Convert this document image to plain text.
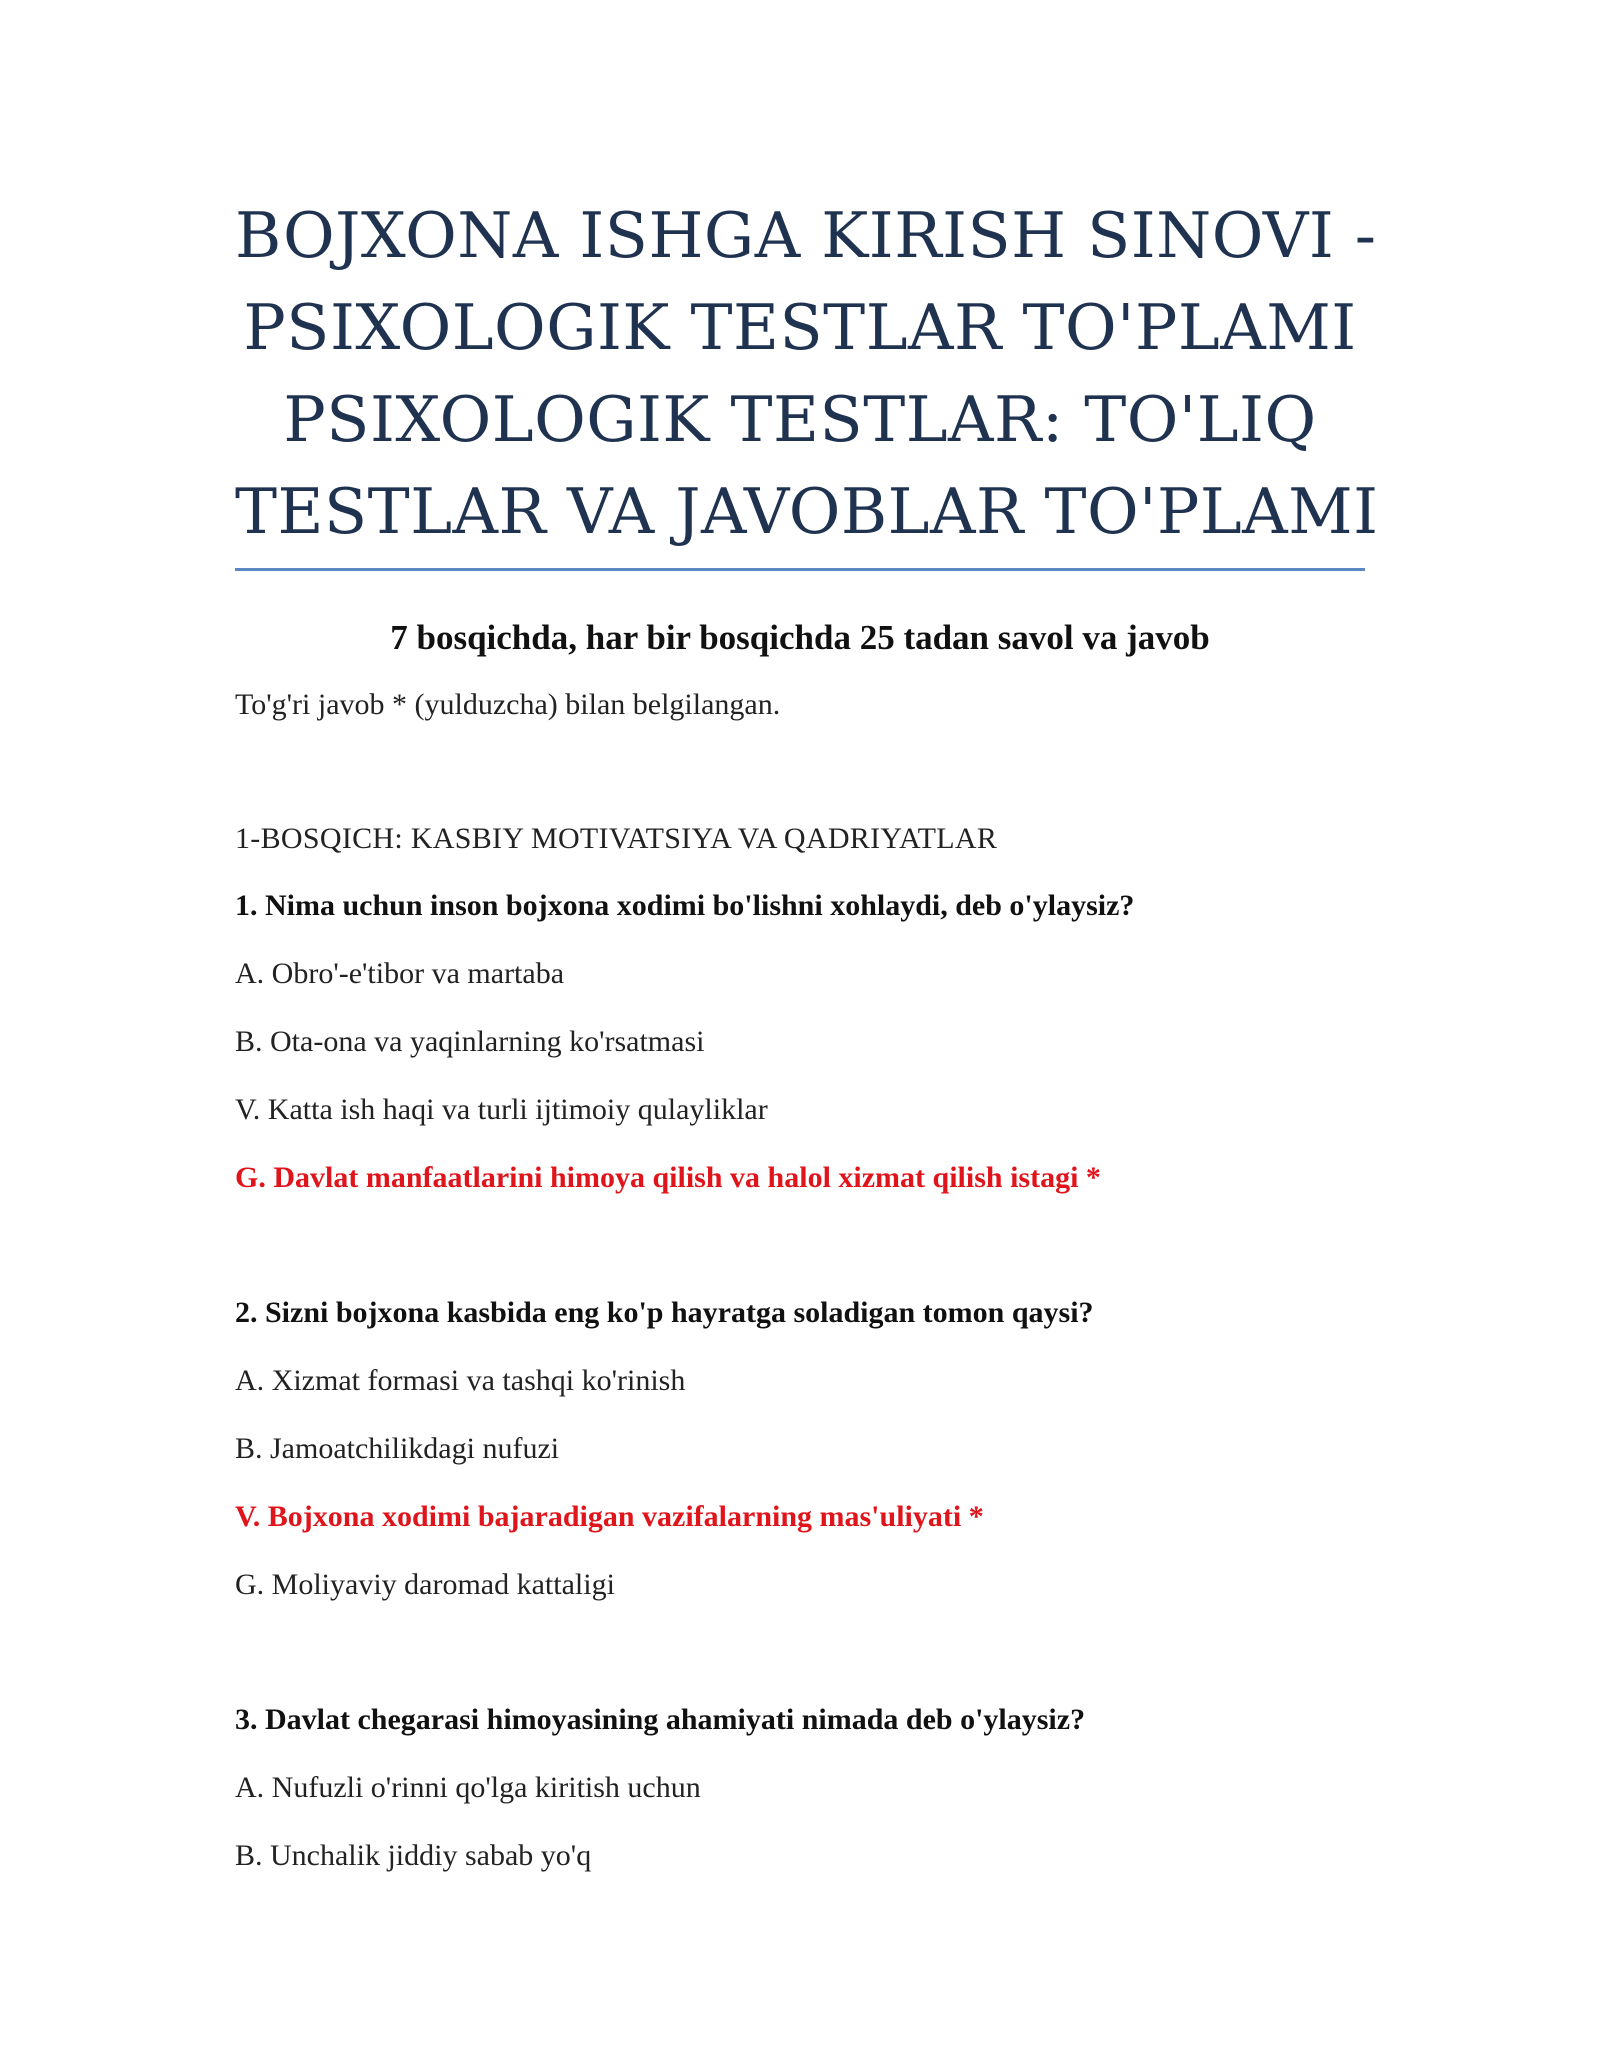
BOJXONA ISHGA KIRISH SINOVI -
PSIXOLOGIK TESTLAR TO'PLAMI
PSIXOLOGIK TESTLAR: TO'LIQ
TESTLAR VA JAVOBLAR TO'PLAMI
7 bosqichda, har bir bosqichda 25 tadan savol va javob
To'g'ri javob * (yulduzcha) bilan belgilangan.
1-BOSQICH: KASBIY MOTIVATSIYA VA QADRIYATLAR
1. Nima uchun inson bojxona xodimi bo'lishni xohlaydi, deb o'ylaysiz?
A. Obro'-e'tibor va martaba
B. Ota-ona va yaqinlarning ko'rsatmasi
V. Katta ish haqi va turli ijtimoiy qulayliklar
G. Davlat manfaatlarini himoya qilish va halol xizmat qilish istagi *
2. Sizni bojxona kasbida eng ko'p hayratga soladigan tomon qaysi?
A. Xizmat formasi va tashqi ko'rinish
B. Jamoatchilikdagi nufuzi
V. Bojxona xodimi bajaradigan vazifalarning mas'uliyati *
G. Moliyaviy daromad kattaligi
3. Davlat chegarasi himoyasining ahamiyati nimada deb o'ylaysiz?
A. Nufuzli o'rinni qo'lga kiritish uchun
B. Unchalik jiddiy sabab yo'q
